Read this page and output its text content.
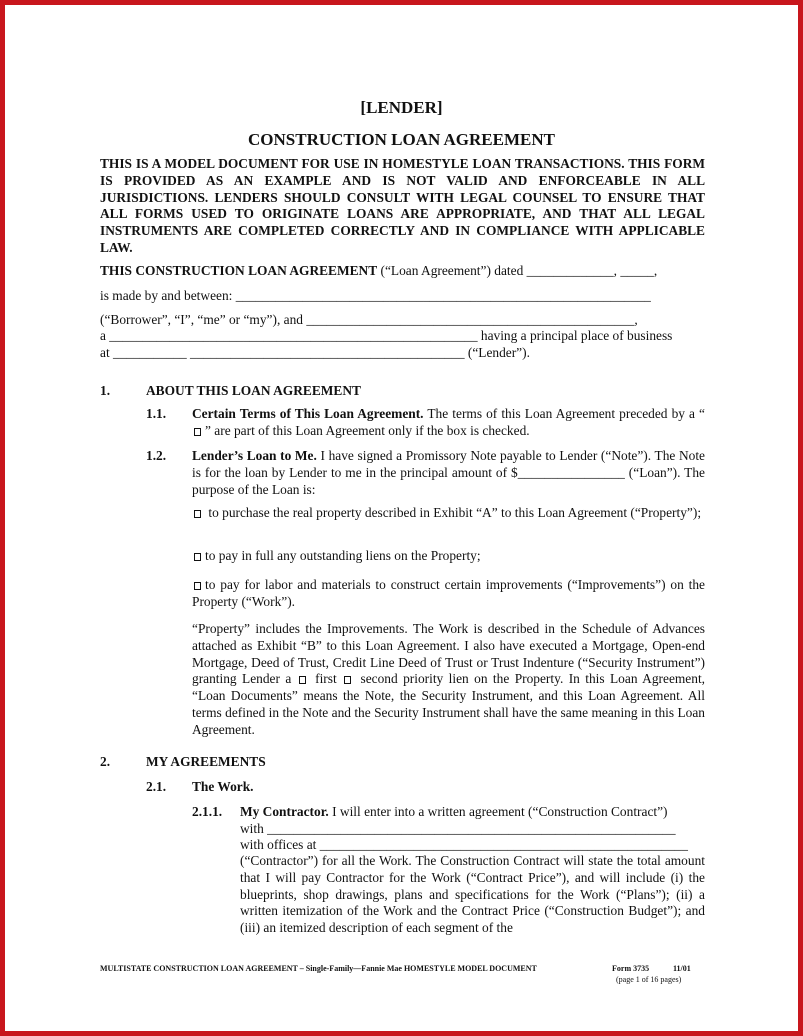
[LENDER]
CONSTRUCTION LOAN AGREEMENT
THIS IS A MODEL DOCUMENT FOR USE IN HOMESTYLE LOAN TRANSACTIONS. THIS FORM IS PROVIDED AS AN EXAMPLE AND IS NOT VALID AND ENFORCEABLE IN ALL JURISDICTIONS. LENDERS SHOULD CONSULT WITH LEGAL COUNSEL TO ENSURE THAT ALL FORMS USED TO ORIGINATE LOANS ARE APPROPRIATE, AND THAT ALL LEGAL INSTRUMENTS ARE COMPLETED CORRECTLY AND IN COMPLIANCE WITH APPLICABLE LAW.
THIS CONSTRUCTION LOAN AGREEMENT (“Loan Agreement”) dated _____________, _____,
is made by and between: ______________________________________________________________
(“Borrower”, “I”, “me” or “my”), and _________________________________________________,
a _______________________________________________________ having a principal place of business
at ___________ _________________________________________ (“Lender”).
1.	ABOUT THIS LOAN AGREEMENT
1.1. Certain Terms of This Loan Agreement. The terms of this Loan Agreement preceded by a “” are part of this Loan Agreement only if the box is checked.
1.2. Lender’s Loan to Me. I have signed a Promissory Note payable to Lender (“Note”). The Note is for the loan by Lender to me in the principal amount of $________________ (“Loan”). The purpose of the Loan is:
to purchase the real property described in Exhibit “A” to this Loan Agreement (“Property”);
to pay in full any outstanding liens on the Property;
to pay for labor and materials to construct certain improvements (“Improvements”) on the Property (“Work”).
“Property” includes the Improvements. The Work is described in the Schedule of Advances attached as Exhibit “B” to this Loan Agreement. I also have executed a Mortgage, Open-end Mortgage, Deed of Trust, Credit Line Deed of Trust or Trust Indenture (“Security Instrument”) granting Lender a  first  second priority lien on the Property. In this Loan Agreement, “Loan Documents” means the Note, the Security Instrument, and this Loan Agreement. All terms defined in the Note and the Security Instrument shall have the same meaning in this Loan Agreement.
2.	MY AGREEMENTS
2.1. The Work.
2.1.1. My Contractor. I will enter into a written agreement (“Construction Contract”)
with _____________________________________________________________
with offices at _______________________________________________________
(“Contractor”) for all the Work. The Construction Contract will state the total amount that I will pay Contractor for the Work (“Contract Price”), and will include (i) the blueprints, shop drawings, plans and specifications for the Work (“Plans”); (ii) a written itemization of the Work and the Contract Price (“Construction Budget”); and (iii) an itemized description of each segment of the
MULTISTATE CONSTRUCTION LOAN AGREEMENT – Single-Family—Fannie Mae HOMESTYLE MODEL DOCUMENT	Form 3735	11/01
(page 1 of 16 pages)
